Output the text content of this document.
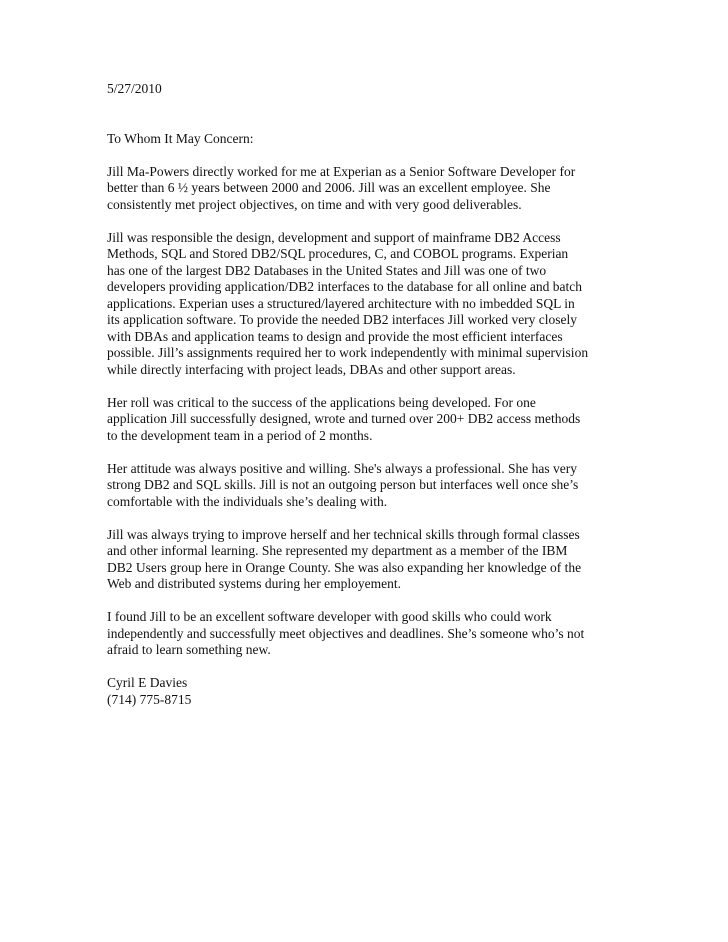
5/27/2010
To Whom It May Concern:
Jill Ma-Powers directly worked for me at Experian as a Senior Software Developer for
better than 6 ½ years between 2000 and 2006. Jill was an excellent employee. She
consistently met project objectives, on time and with very good deliverables.
Jill was responsible the design, development and support of mainframe DB2 Access
Methods, SQL and Stored DB2/SQL procedures, C, and COBOL programs. Experian
has one of the largest DB2 Databases in the United States and Jill was one of two
developers providing application/DB2 interfaces to the database for all online and batch
applications. Experian uses a structured/layered architecture with no imbedded SQL in
its application software. To provide the needed DB2 interfaces Jill worked very closely
with DBAs and application teams to design and provide the most efficient interfaces
possible. Jill’s assignments required her to work independently with minimal supervision
while directly interfacing with project leads, DBAs and other support areas.
Her roll was critical to the success of the applications being developed. For one
application Jill successfully designed, wrote and turned over 200+ DB2 access methods
to the development team in a period of 2 months.
Her attitude was always positive and willing. She's always a professional. She has very
strong DB2 and SQL skills. Jill is not an outgoing person but interfaces well once she’s
comfortable with the individuals she’s dealing with.
Jill was always trying to improve herself and her technical skills through formal classes
and other informal learning. She represented my department as a member of the IBM
DB2 Users group here in Orange County. She was also expanding her knowledge of the
Web and distributed systems during her employement.
I found Jill to be an excellent software developer with good skills who could work
independently and successfully meet objectives and deadlines. She’s someone who’s not
afraid to learn something new.
Cyril E Davies
(714) 775-8715
